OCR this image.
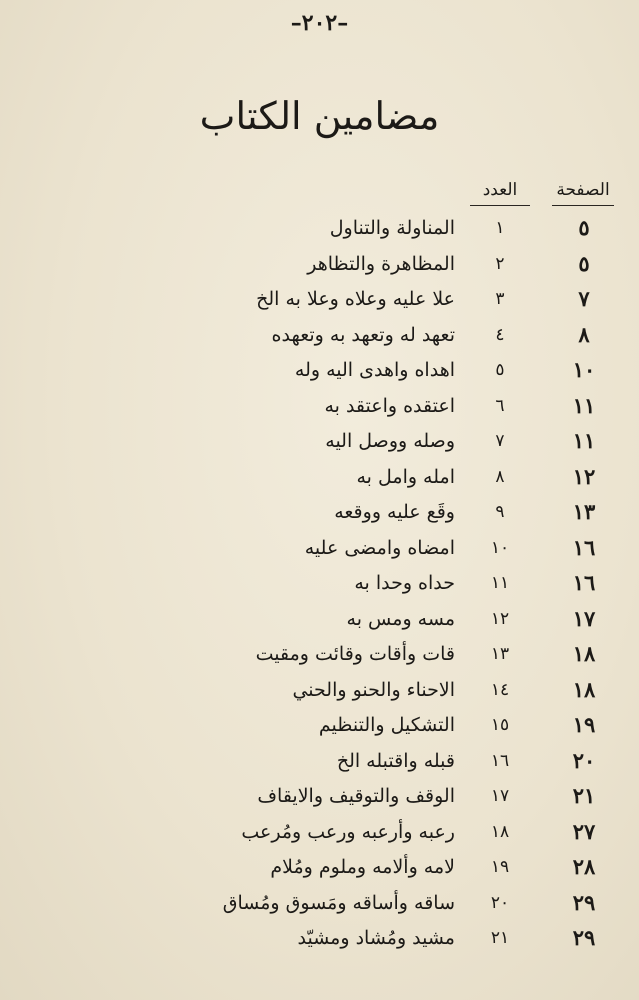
–٢٠٢–
مضامين الكتاب
الصفحة
العدد
٥
١
المناولة والتناول
٥
٢
المظاهرة والتظاهر
٧
٣
علا عليه وعلاه وعلا به الخ
٨
٤
تعهد له وتعهد به وتعهده
١٠
٥
اهداه واهدى اليه وله
١١
٦
اعتقده واعتقد به
١١
٧
وصله ووصل اليه
١٢
٨
امله وامل به
١٣
٩
وقَع عليه ووقعه
١٦
١٠
امضاه وامضى عليه
١٦
١١
حداه وحدا به
١٧
١٢
مسه ومس به
١٨
١٣
قات وأقات وقائت ومقيت
١٨
١٤
الاحناء والحنو والحني
١٩
١٥
التشكيل والتنظيم
٢٠
١٦
قبله واقتبله الخ
٢١
١٧
الوقف والتوقيف والايقاف
٢٧
١٨
رعبه وأرعبه ورعب ومُرعب
٢٨
١٩
لامه وألامه وملوم ومُلام
٢٩
٢٠
ساقه وأساقه ومَسوق ومُساق
٢٩
٢١
مشيد ومُشاد ومشيّد
